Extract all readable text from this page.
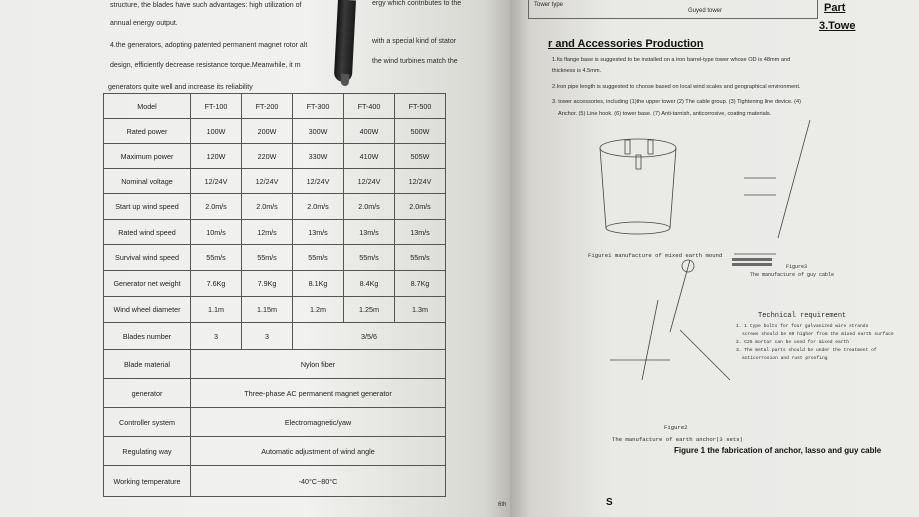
structure, the blades have such advantages: high utilization of	ergy which contributes to the
annual energy output.
4.the generators, adopting patented permanent magnet rotor alt
with a special kind of stator
design, efficiently decrease resistance torque.Meanwhile, it m
the wind turbines match the
generators quite well and increase its reliability
Model	FT-100	FT-200	FT-300	FT-400	FT-500
Rated power	100W	200W	300W	400W	500W
Maximum power	120W	220W	330W	410W	505W
Nominal voltage	12/24V	12/24V	12/24V	12/24V	12/24V
Start up wind speed	2.0m/s	2.0m/s	2.0m/s	2.0m/s	2.0m/s
Rated wind speed	10m/s	12m/s	13m/s	13m/s	13m/s
Survival wind speed	55m/s	55m/s	55m/s	55m/s	55m/s
Generator net weight	7.6Kg	7.9Kg	8.1Kg	8.4Kg	8.7Kg
Wind wheel diameter	1.1m	1.15m	1.2m	1.25m	1.3m
Blades number	3	3	3/5/6		
Blade material	Nylon fiber				
generator	Three-phase AC permanent magnet generator				
Controller system	Electromagnetic/yaw				
Regulating way	Automatic adjustment of wind angle				
Working temperature	-40°C~80°C				
6th
Tower type
Guyed tower	Part
3.Towe
r and Accessories Production
1.Its flange base is suggested to be installed on a iron barrel-type tower whose OD is 48mm and
thickness is 4.5mm.
2.Iron pipe length is suggested to choose based on local wind scales and geographical environment.
3. tower accessories, including (1)the upper tower (2) The cable group. (3) Tightening line device. (4)
Anchor. (5) Line hook. (6) tower base. (7) Anti-tarnish, anticorrosive, coating materials.
Figure1 manufacture of mixed earth mound
Figure3
The manufacture of guy cable
Technical requirement
1. 1 type bolts for four galvanized wire strands
screws should be 60 higher from the mixed earth surface
2. C25 mortar can be used for mixed earth
3. The metal parts should be under the treatment of
anticorrosion and rust proofing
Figure2
The manufacture of earth anchor(3 sets)
Figure 1 the fabrication of anchor, lasso and guy cable
S
